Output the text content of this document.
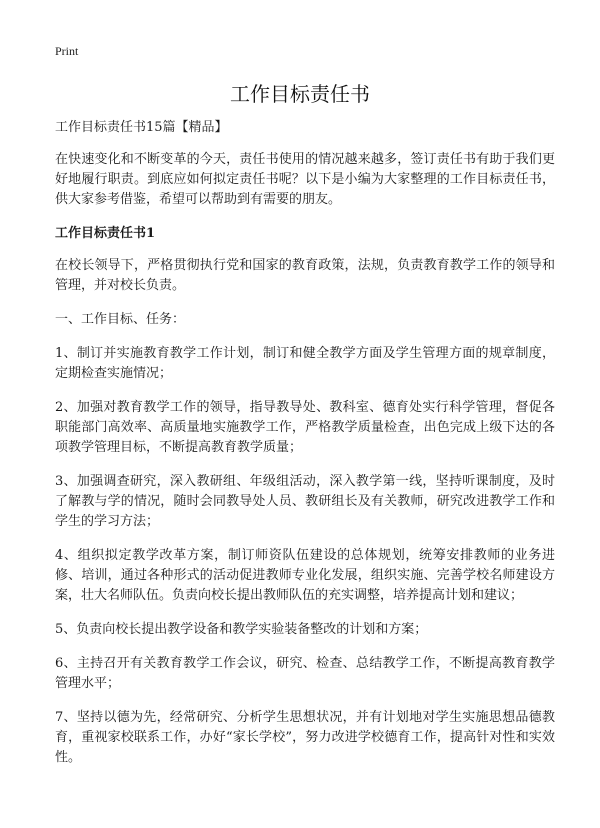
Print
工作目标责任书

工作目标责任书15篇【精品】

在快速变化和不断变革的今天，责任书使用的情况越来越多，签订责任书有助于我们更好地履行职责。到底应如何拟定责任书呢？以下是小编为大家整理的工作目标责任书，供大家参考借鉴，希望可以帮助到有需要的朋友。

工作目标责任书1

在校长领导下，严格贯彻执行党和国家的教育政策，法规，负责教育教学工作的领导和管理，并对校长负责。

一、工作目标、任务：

1、制订并实施教育教学工作计划，制订和健全教学方面及学生管理方面的规章制度，定期检查实施情况；

2、加强对教育教学工作的领导，指导教导处、教科室、德育处实行科学管理，督促各职能部门高效率、高质量地实施教学工作，严格教学质量检查，出色完成上级下达的各项教学管理目标，不断提高教育教学质量；

3、加强调查研究，深入教研组、年级组活动，深入教学第一线，坚持听课制度，及时了解教与学的情况，随时会同教导处人员、教研组长及有关教师，研究改进教学工作和学生的学习方法；

4、组织拟定教学改革方案，制订师资队伍建设的总体规划，统筹安排教师的业务进修、培训，通过各种形式的活动促进教师专业化发展，组织实施、完善学校名师建设方案，壮大名师队伍。负责向校长提出教师队伍的充实调整，培养提高计划和建议；

5、负责向校长提出教学设备和教学实验装备整改的计划和方案；

6、主持召开有关教育教学工作会议，研究、检查、总结教学工作，不断提高教育教学管理水平；

7、坚持以德为先，经常研究、分析学生思想状况，并有计划地对学生实施思想品德教育，重视家校联系工作，办好“家长学校”，努力改进学校德育工作，提高针对性和实效性。
